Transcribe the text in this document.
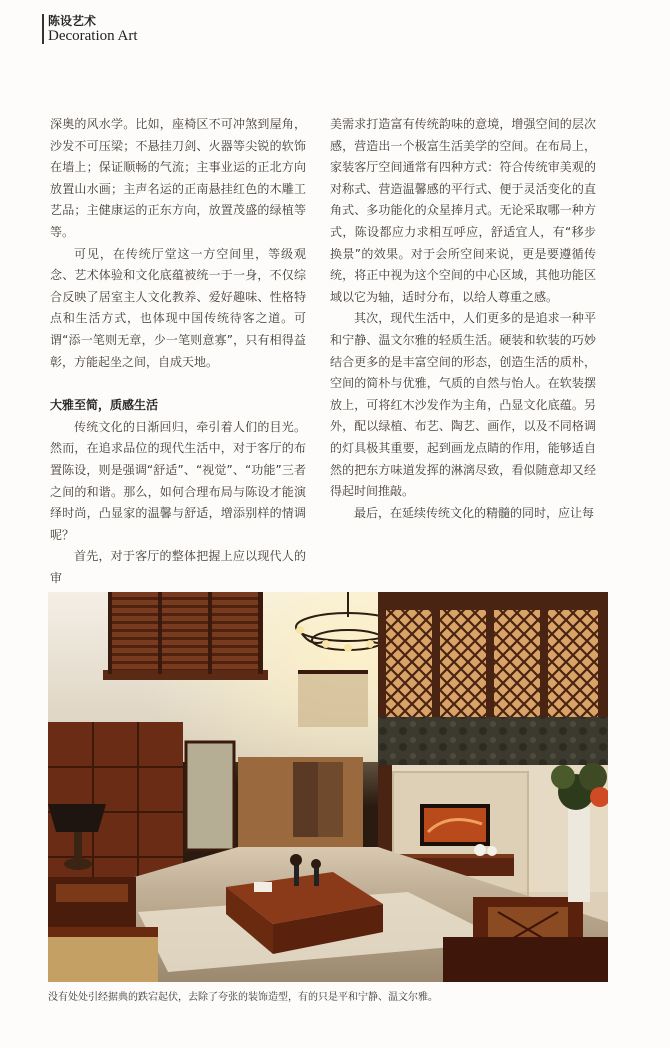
陈设艺术
Decoration Art

深奥的风水学。比如，座椅区不可冲煞到屋角，沙发不可压梁；不悬挂刀剑、火器等尖锐的软饰在墙上；保证顺畅的气流；主事业运的正北方向放置山水画；主声名运的正南悬挂红色的木雕工艺品；主健康运的正东方向，放置茂盛的绿植等等。

可见，在传统厅堂这一方空间里，等级观念、艺术体验和文化底蕴被统一于一身，不仅综合反映了居室主人文化教养、爱好趣味、性格特点和生活方式，也体现中国传统待客之道。可谓“添一笔则无章，少一笔则意寡”，只有相得益彰，方能起坐之间，自成天地。

大雅至简，质感生活

传统文化的日渐回归，牵引着人们的目光。然而，在追求品位的现代生活中，对于客厅的布置陈设，则是强调“舒适”、“视觉”、“功能”三者之间的和谐。那么，如何合理布局与陈设才能演绎时尚，凸显家的温馨与舒适，增添别样的情调呢？

首先，对于客厅的整体把握上应以现代人的审

美需求打造富有传统韵味的意境，增强空间的层次感，营造出一个极富生活美学的空间。在布局上，家装客厅空间通常有四种方式：符合传统审美观的对称式、营造温馨感的平行式、便于灵活变化的直角式、多功能化的众星捧月式。无论采取哪一种方式，陈设都应力求相互呼应，舒适宜人，有“移步换景”的效果。对于会所空间来说，更是要遵循传统，将正中视为这个空间的中心区域，其他功能区域以它为轴，适时分布，以给人尊重之感。

其次，现代生活中，人们更多的是追求一种平和宁静、温文尔雅的轻质生活。硬装和软装的巧妙结合更多的是丰富空间的形态，创造生活的质朴，空间的简朴与优雅，气质的自然与怡人。在软装摆放上，可将红木沙发作为主角，凸显文化底蕴。另外，配以绿植、布艺、陶艺、画作，以及不同格调的灯具极其重要，起到画龙点睛的作用，能够适自然的把东方味道发挥的淋漓尽致，看似随意却又经得起时间推敲。

最后，在延续传统文化的精髓的同时，应让每

没有处处引经据典的跌宕起伏，去除了夸张的装饰造型，有的只是平和宁静、温文尔雅。
